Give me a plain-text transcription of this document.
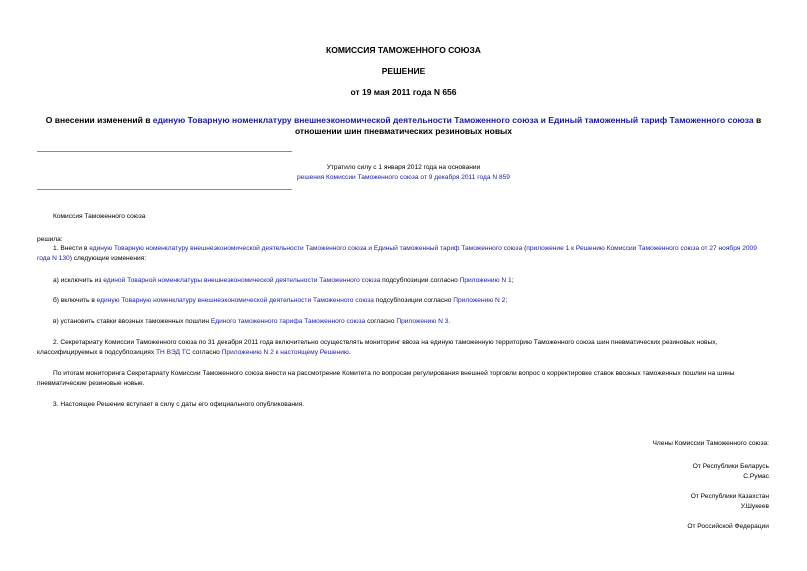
КОМИССИЯ ТАМОЖЕННОГО СОЮЗА
РЕШЕНИЕ
от 19 мая 2011 года N 656
О внесении изменений в единую Товарную номенклатуру внешнеэкономической деятельности Таможенного союза и Единый таможенный тариф Таможенного союза в отношении шин пневматических резиновых новых
Утратило силу с 1 января 2012 года на основании
решения Комиссии Таможенного союза от 9 декабря 2011 года N 859
Комиссия Таможенного союза
решила:
1. Внести в единую Товарную номенклатуру внешнеэкономической деятельности Таможенного союза и Единый таможенный тариф Таможенного союза (приложение 1 к Решению Комиссии Таможенного союза от 27 ноября 2009 года N 130) следующие изменения:
а) исключить из единой Товарной номенклатуры внешнеэкономической деятельности Таможенного союза подсубпозиции согласно Приложению N 1;
б) включить в единую Товарную номенклатуру внешнеэкономической деятельности Таможенного союза подсубпозиции согласно Приложению N 2;
в) установить ставки ввозных таможенных пошлин Единого таможенного тарифа Таможенного союза согласно Приложению N 3.
2. Секретариату Комиссии Таможенного союза по 31 декабря 2011 года включительно осуществлять мониторинг ввоза на единую таможенную территорию Таможенного союза шин пневматических резиновых новых, классифицируемых в подсубпозициях ТН ВЭД ТС согласно Приложению N 2 к настоящему Решению.
По итогам мониторинга Секретариату Комиссии Таможенного союза внести на рассмотрение Комитета по вопросам регулирования внешней торговли вопрос о корректировке ставок ввозных таможенных пошлин на шины пневматические резиновые новые.
3. Настоящее Решение вступает в силу с даты его официального опубликования.
Члены Комиссии Таможенного союза:
От Республики Беларусь
С.Румас
От Республики Казахстан
У.Шукеев
От Российской Федерации
